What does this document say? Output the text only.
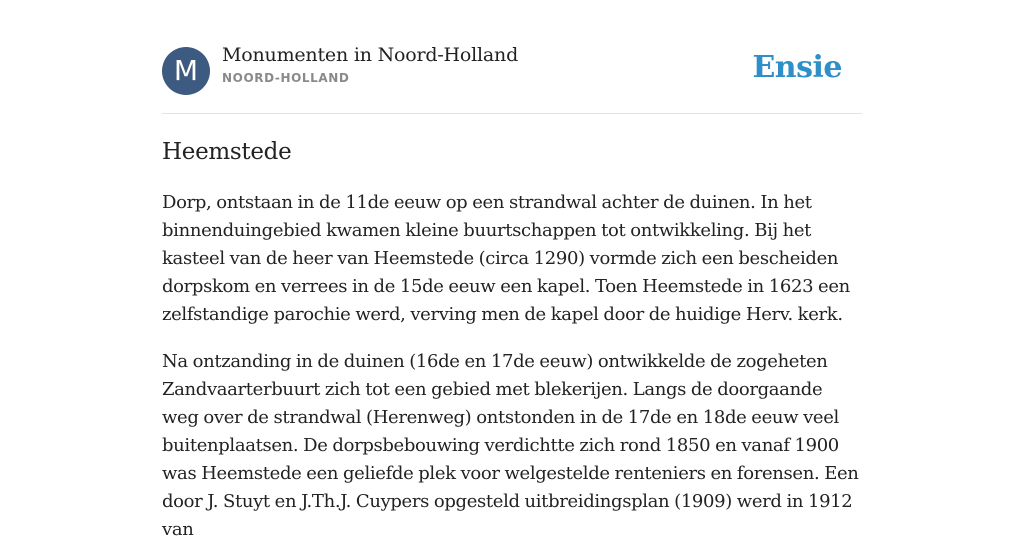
M	Monumenten in Noord-Holland
NOORD-HOLLAND	Ensie
Heemstede

Dorp, ontstaan in de 11de eeuw op een strandwal achter de duinen. In het binnenduingebied kwamen kleine buurtschappen tot ontwikkeling. Bij het kasteel van de heer van Heemstede (circa 1290) vormde zich een bescheiden dorpskom en verrees in de 15de eeuw een kapel. Toen Heemstede in 1623 een zelfstandige parochie werd, verving men de kapel door de huidige Herv. kerk.

Na ontzanding in de duinen (16de en 17de eeuw) ontwikkelde de zogeheten Zandvaarterbuurt zich tot een gebied met blekerijen. Langs de doorgaande weg over de strandwal (Herenweg) ontstonden in de 17de en 18de eeuw veel buitenplaatsen. De dorpsbebouwing verdichtte zich rond 1850 en vanaf 1900 was Heemstede een geliefde plek voor welgestelde renteniers en forensen. Een door J. Stuyt en J.Th.J. Cuypers opgesteld uitbreidingsplan (1909) werd in 1912 van
